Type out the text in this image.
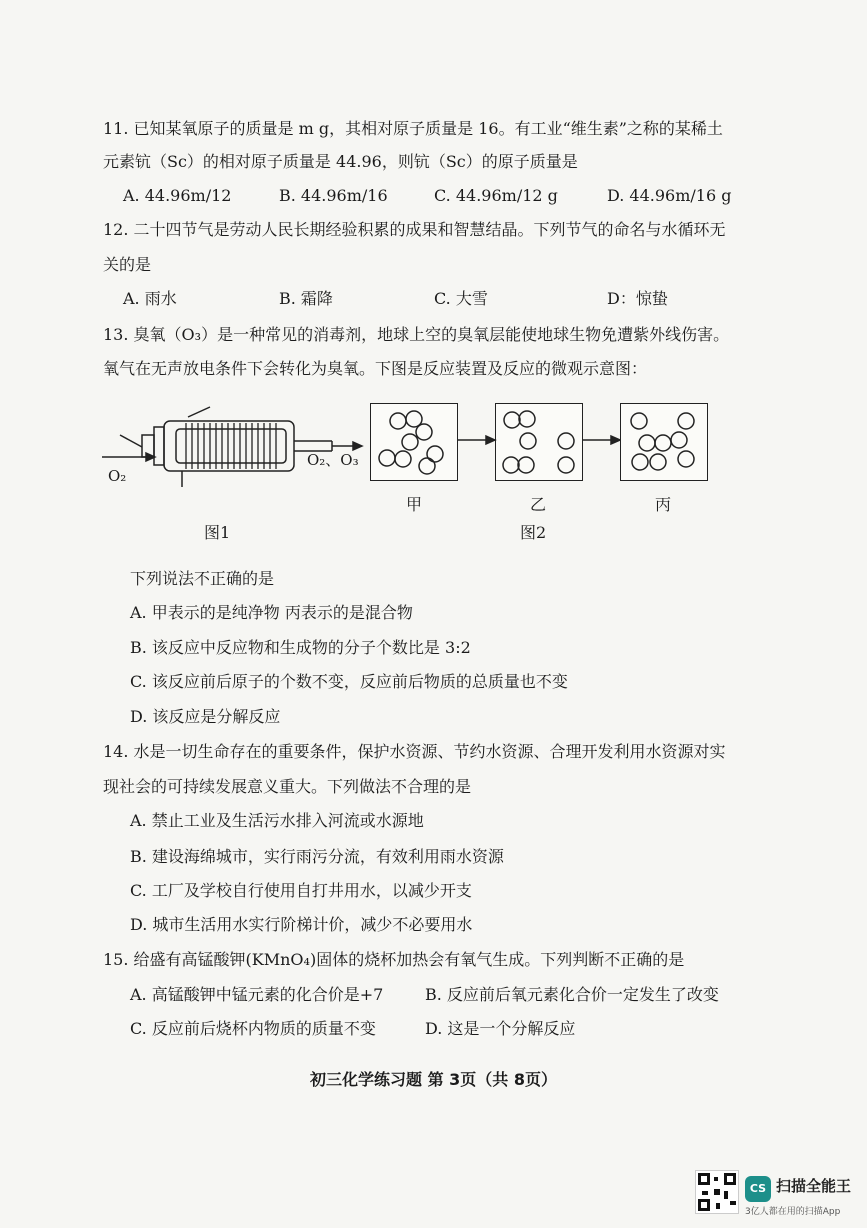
11. 已知某氧原子的质量是 m g，其相对原子质量是 16。有工业“维生素”之称的某稀土
元素钪（Sc）的相对原子质量是 44.96，则钪（Sc）的原子质量是
A. 44.96m/12	B. 44.96m/16	C. 44.96m/12 g	D. 44.96m/16 g
12. 二十四节气是劳动人民长期经验积累的成果和智慧结晶。下列节气的命名与水循环无
关的是
A. 雨水	B. 霜降	C. 大雪	D：惊蛰
13. 臭氧（O₃）是一种常见的消毒剂，地球上空的臭氧层能使地球生物免遭紫外线伤害。
氧气在无声放电条件下会转化为臭氧。下图是反应装置及反应的微观示意图：
O₂
O₂、O₃
图1
甲	乙	丙
图2
下列说法不正确的是
A. 甲表示的是纯净物 丙表示的是混合物
B. 该反应中反应物和生成物的分子个数比是 3:2
C. 该反应前后原子的个数不变，反应前后物质的总质量也不变
D. 该反应是分解反应
14. 水是一切生命存在的重要条件，保护水资源、节约水资源、合理开发利用水资源对实
现社会的可持续发展意义重大。下列做法不合理的是
A. 禁止工业及生活污水排入河流或水源地
B. 建设海绵城市，实行雨污分流，有效利用雨水资源
C. 工厂及学校自行使用自打井用水，以减少开支
D. 城市生活用水实行阶梯计价，减少不必要用水
15. 给盛有高锰酸钾(KMnO₄)固体的烧杯加热会有氧气生成。下列判断不正确的是
A. 高锰酸钾中锰元素的化合价是+7	B. 反应前后氧元素化合价一定发生了改变
C. 反应前后烧杯内物质的质量不变	D. 这是一个分解反应
初三化学练习题 第 3页（共 8页）
CS 扫描全能王
3亿人都在用的扫描App
